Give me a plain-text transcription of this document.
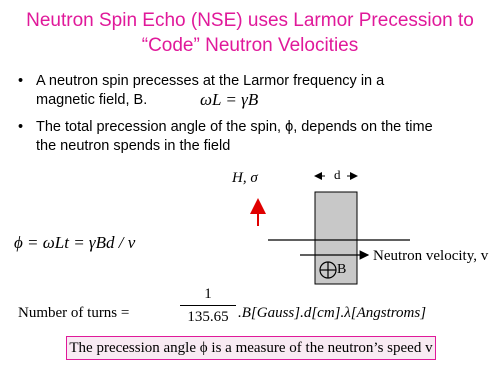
Neutron Spin Echo (NSE) uses Larmor Precession to
“Code” Neutron Velocities
• A neutron spin precesses at the Larmor frequency in a
magnetic field, B.
• The total precession angle of the spin, ϕ, depends on the time
the neutron spends in the field
ωL = γB
ϕ = ωLt = γBd / v
H, σ	d
B
Neutron velocity, v
Number of turns =
1
135.65 .B[Gauss].d[cm].λ[Angstroms]
The precession angle ϕ is a measure of the neutron’s speed v
